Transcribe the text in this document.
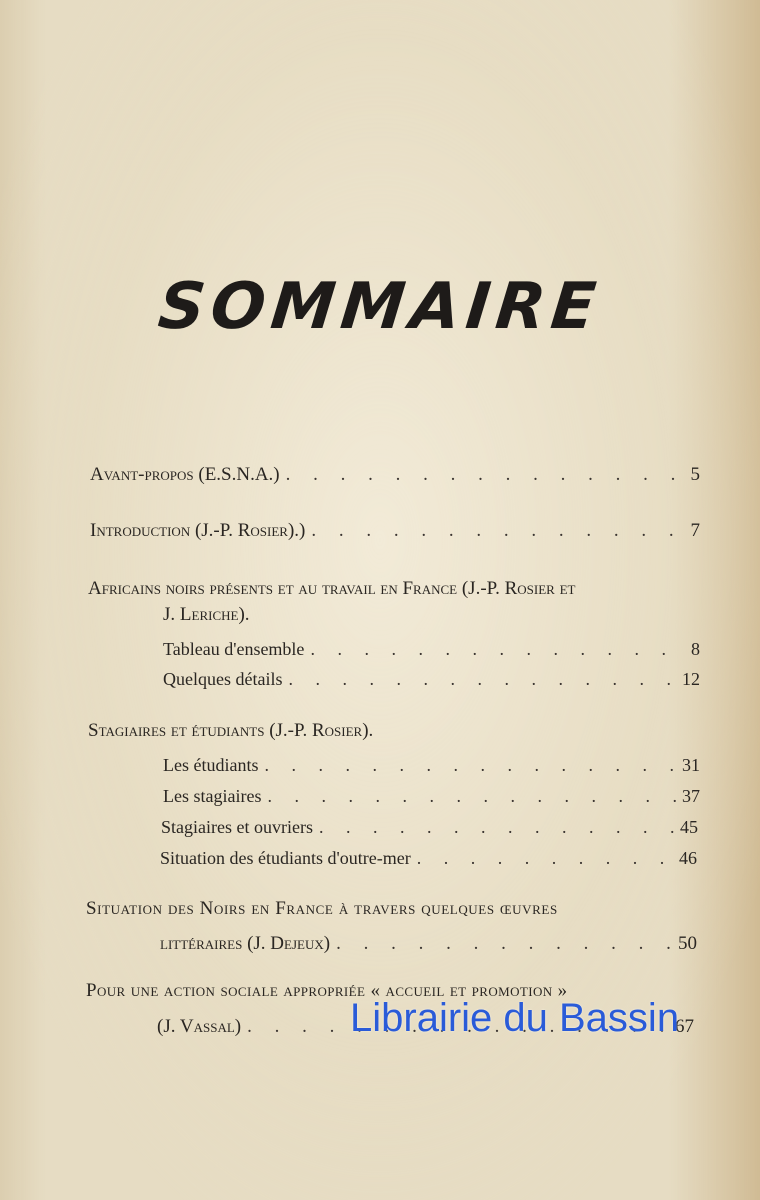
SOMMAIRE
Avant-propos (E.S.N.A.) . . .	5
Introduction (J.-P. Rosier).) . . .	7
Africains noirs présents et au travail en France (J.-P. Rosier et
J. Leriche).
Tableau d'ensemble . . .	8
Quelques détails . . .	12
Stagiaires et étudiants (J.-P. Rosier).
Les étudiants . . .	31
Les stagiaires . . .	37
Stagiaires et ouvriers . . .	45
Situation des étudiants d'outre-mer . . .	46
Situation des Noirs en France à travers quelques œuvres
littéraires (J. Dejeux) . . .	50
Pour une action sociale appropriée « accueil et promotion »
(J. Vassal) . . .	67
Librairie du Bassin
